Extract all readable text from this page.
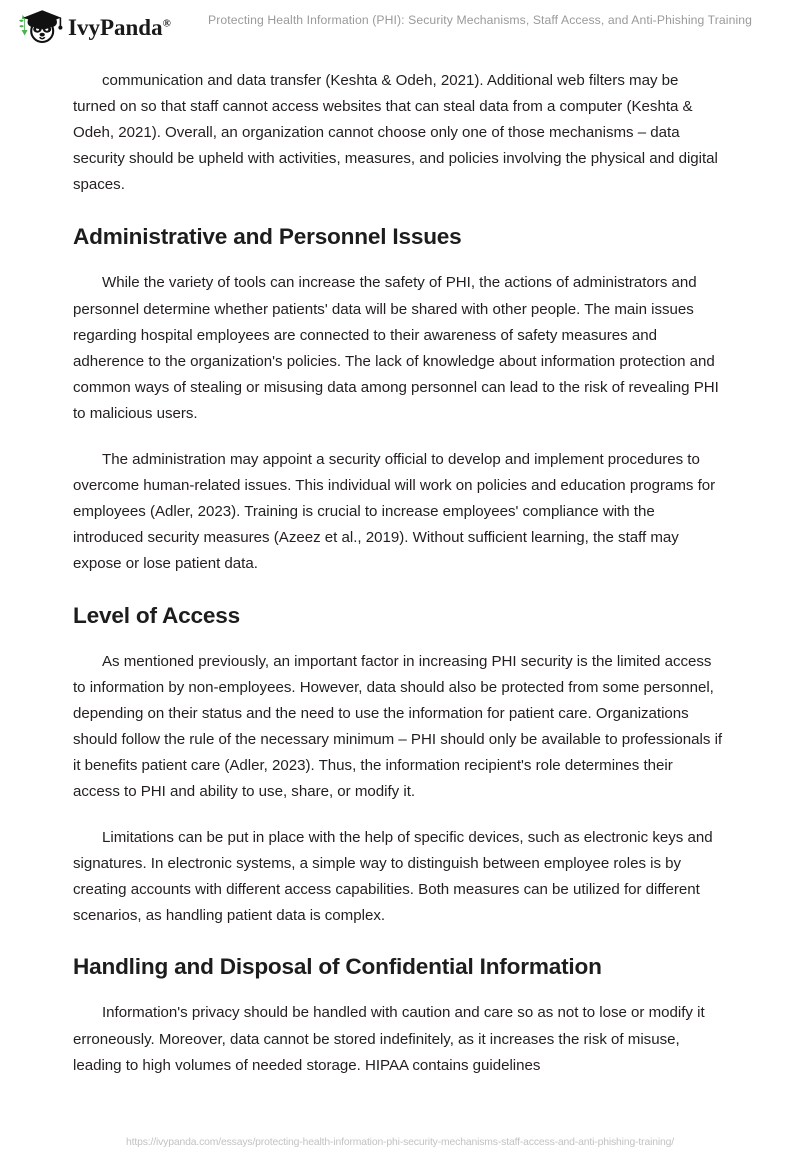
IvyPanda®	Protecting Health Information (PHI): Security Mechanisms, Staff Access, and Anti-Phishing Training

communication and data transfer (Keshta & Odeh, 2021). Additional web filters may be turned on so that staff cannot access websites that can steal data from a computer (Keshta & Odeh, 2021). Overall, an organization cannot choose only one of those mechanisms – data security should be upheld with activities, measures, and policies involving the physical and digital spaces.

Administrative and Personnel Issues

While the variety of tools can increase the safety of PHI, the actions of administrators and personnel determine whether patients' data will be shared with other people. The main issues regarding hospital employees are connected to their awareness of safety measures and adherence to the organization's policies. The lack of knowledge about information protection and common ways of stealing or misusing data among personnel can lead to the risk of revealing PHI to malicious users.

The administration may appoint a security official to develop and implement procedures to overcome human-related issues. This individual will work on policies and education programs for employees (Adler, 2023). Training is crucial to increase employees' compliance with the introduced security measures (Azeez et al., 2019). Without sufficient learning, the staff may expose or lose patient data.

Level of Access

As mentioned previously, an important factor in increasing PHI security is the limited access to information by non-employees. However, data should also be protected from some personnel, depending on their status and the need to use the information for patient care. Organizations should follow the rule of the necessary minimum – PHI should only be available to professionals if it benefits patient care (Adler, 2023). Thus, the information recipient's role determines their access to PHI and ability to use, share, or modify it.

Limitations can be put in place with the help of specific devices, such as electronic keys and signatures. In electronic systems, a simple way to distinguish between employee roles is by creating accounts with different access capabilities. Both measures can be utilized for different scenarios, as handling patient data is complex.

Handling and Disposal of Confidential Information

Information's privacy should be handled with caution and care so as not to lose or modify it erroneously. Moreover, data cannot be stored indefinitely, as it increases the risk of misuse, leading to high volumes of needed storage. HIPAA contains guidelines

https://ivypanda.com/essays/protecting-health-information-phi-security-mechanisms-staff-access-and-anti-phishing-training/
